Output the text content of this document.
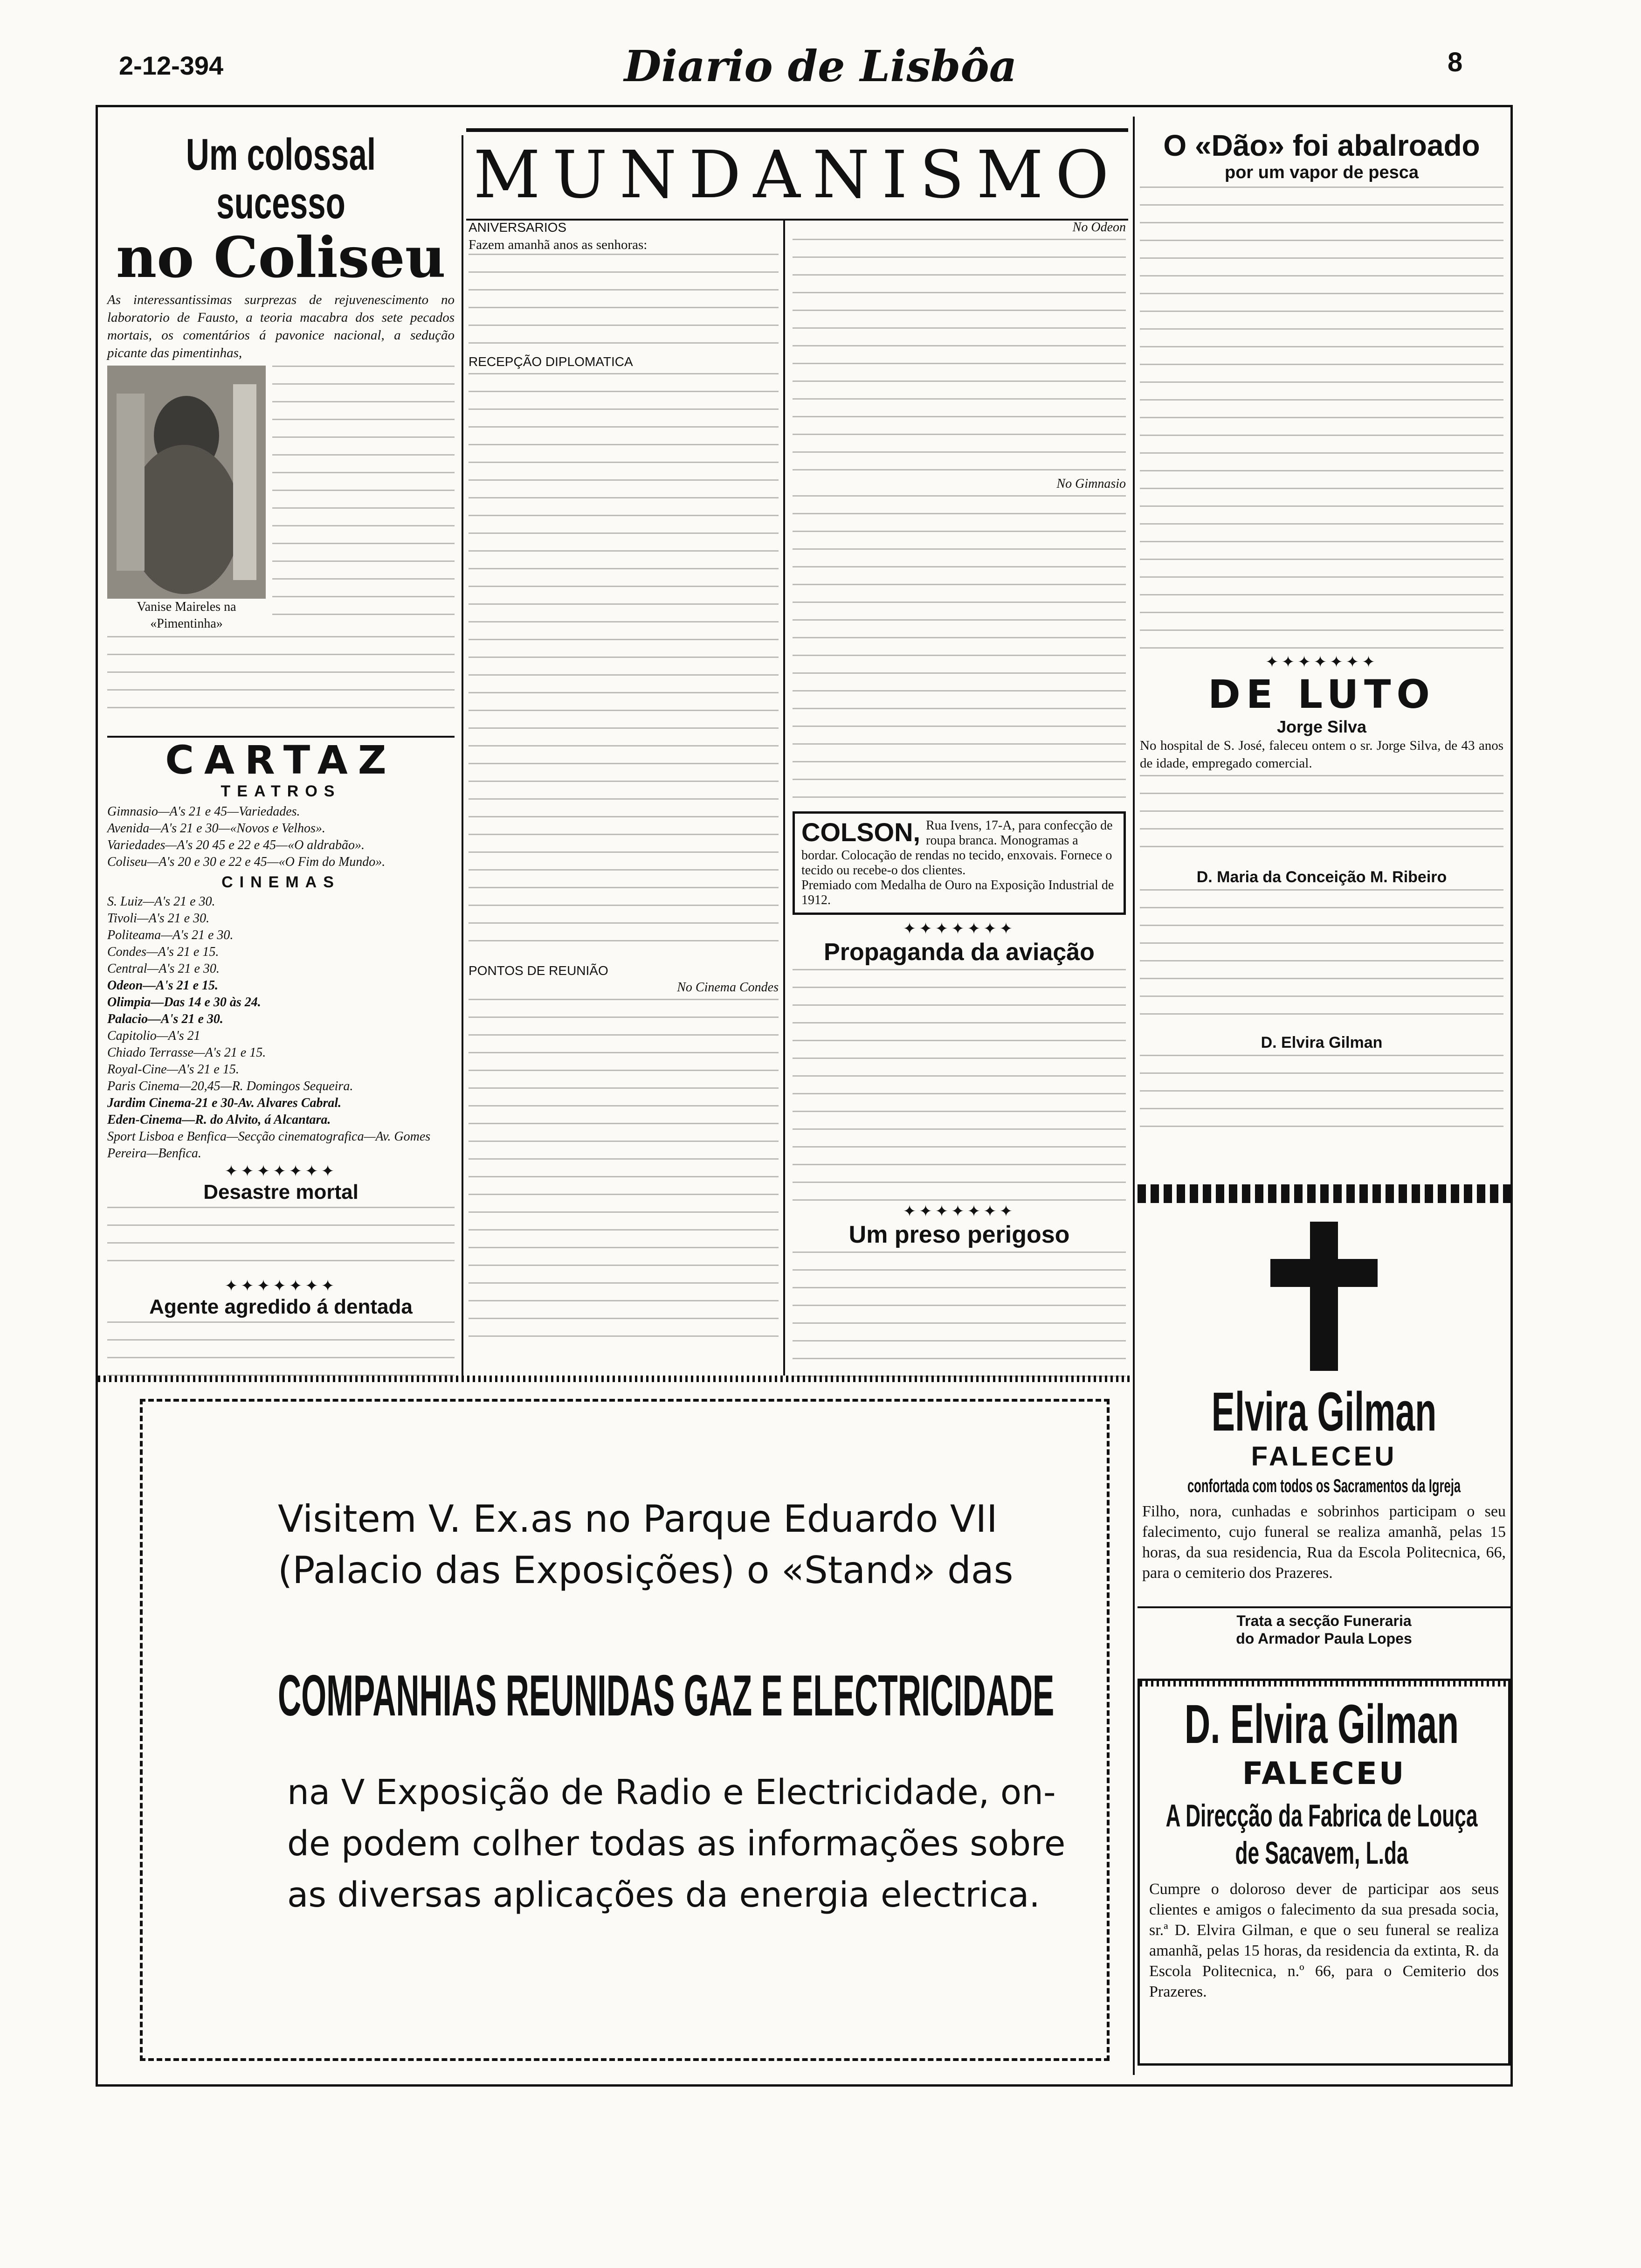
2-12-394	Diario de Lisbôa	8
Um colossal sucesso
no Coliseu
As interessantissimas surprezas de rejuvenescimento no laboratorio de Fausto, a teoria macabra dos sete pecados mortais, os comentários á pavonice nacional, a sedução picante das pimentinhas,
Vanise Maireles na
«Pimentinha»
CARTAZ
TEATROS
Gimnasio—A's 21 e 45—Variedades.
Avenida—A's 21 e 30—«Novos e Velhos».
Variedades—A's 20 45 e 22 e 45—«O aldrabão».
Coliseu—A's 20 e 30 e 22 e 45—«O Fim do Mundo».
CINEMAS
S. Luiz—A's 21 e 30.
Tivoli—A's 21 e 30.
Politeama—A's 21 e 30.
Condes—A's 21 e 15.
Central—A's 21 e 30.
Odeon—A's 21 e 15.
Olimpia—Das 14 e 30 às 24.
Palacio—A's 21 e 30.
Capitolio—A's 21
Chiado Terrasse—A's 21 e 15.
Royal-Cine—A's 21 e 15.
Paris Cinema—20,45—R. Domingos Sequeira.
Jardim Cinema-21 e 30-Av. Alvares Cabral.
Eden-Cinema—R. do Alvito, á Alcantara.
Sport Lisboa e Benfica—Secção cinematografica—Av. Gomes Pereira—Benfica.
✦✦✦✦✦✦✦
Desastre mortal
✦✦✦✦✦✦✦
Agente agredido á dentada
MUNDANISMO
ANIVERSARIOS
Fazem amanhã anos as senhoras:
RECEPÇÃO DIPLOMATICA
PONTOS DE REUNIÃO
No Cinema Condes
No Odeon
No Gimnasio
COLSON, Rua Ivens, 17-A, para confecção de roupa branca. Monogramas a bordar. Colocação de rendas no tecido, enxovais. Fornece o tecido ou recebe-o dos clientes.
Premiado com Medalha de Ouro na Exposição Industrial de 1912.
✦✦✦✦✦✦✦
Propaganda da aviação
✦✦✦✦✦✦✦
Um preso perigoso
Visitem V. Ex.as no Parque Eduardo VII
(Palacio das Exposições) o «Stand» das
COMPANHIAS REUNIDAS GAZ E ELECTRICIDADE
na V Exposição de Radio e Electricidade, on-
de podem colher todas as informações sobre
as diversas aplicações da energia electrica.
O «Dão» foi abalroado
por um vapor de pesca
✦✦✦✦✦✦✦
DE LUTO
Jorge Silva
No hospital de S. José, faleceu ontem o sr. Jorge Silva, de 43 anos de idade, empregado comercial.
D. Maria da Conceição M. Ribeiro
D. Elvira Gilman
Elvira Gilman
FALECEU
confortada com todos os Sacramentos da Igreja
Filho, nora, cunhadas e sobrinhos participam o seu falecimento, cujo funeral se realiza amanhã, pelas 15 horas, da sua residencia, Rua da Escola Politecnica, 66, para o cemiterio dos Prazeres.
Trata a secção Funeraria
do Armador Paula Lopes
D. Elvira Gilman
FALECEU
A Direcção da Fabrica de Louça
de Sacavem, L.da
Cumpre o doloroso dever de participar aos seus clientes e amigos o falecimento da sua presada socia, sr.ª D. Elvira Gilman, e que o seu funeral se realiza amanhã, pelas 15 horas, da residencia da extinta, R. da Escola Politecnica, n.º 66, para o Cemiterio dos Prazeres.
